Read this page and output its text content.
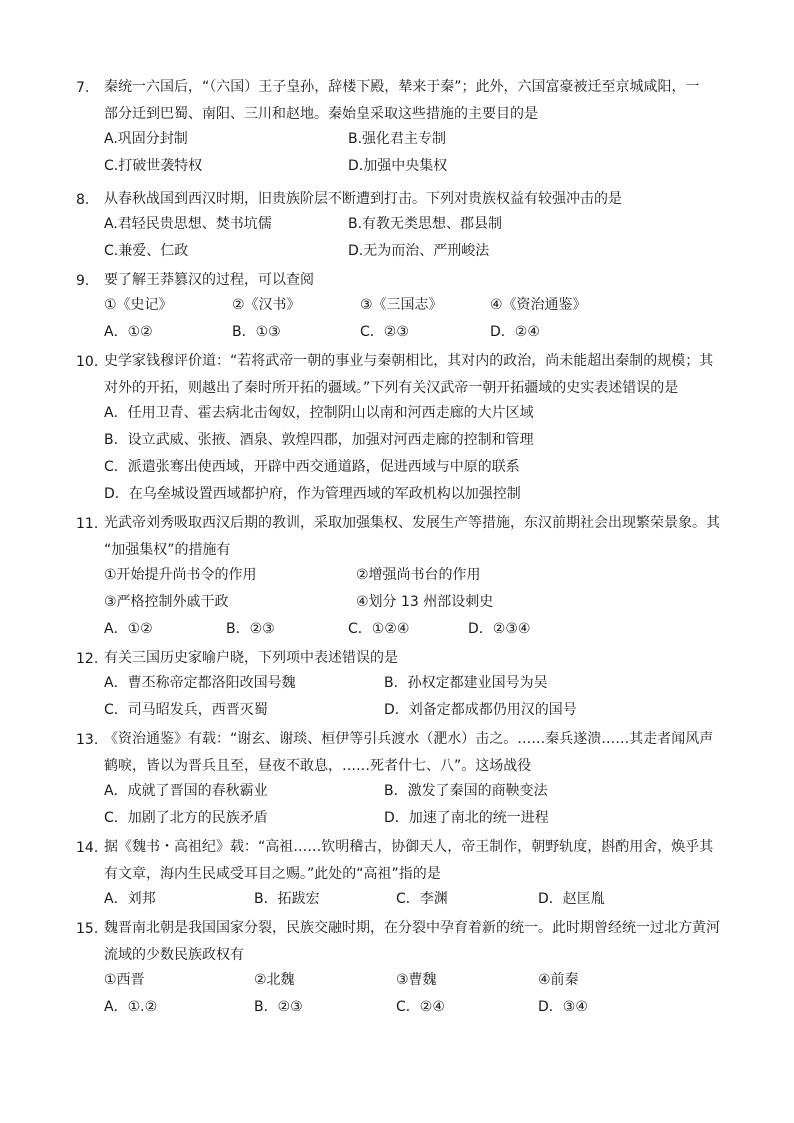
7.	秦统一六国后，“（六国）王子皇孙，辞楼下殿，辇来于秦”；此外，六国富豪被迁至京城咸阳，一
部分迁到巴蜀、南阳、三川和赵地。秦始皇采取这些措施的主要目的是
A.巩固分封制	B.强化君主专制
C.打破世袭特权	D.加强中央集权
8.	从春秋战国到西汉时期，旧贵族阶层不断遭到打击。下列对贵族权益有较强冲击的是
A.君轻民贵思想、焚书坑儒	B.有教无类思想、郡县制
C.兼爱、仁政	D.无为而治、严刑峻法
9.	要了解王莽篡汉的过程，可以查阅
①《史记》	②《汉书》	③《三国志》	④《资治通鉴》
A．①②	B．①③	C．②③	D．②④
10. 史学家钱穆评价道：“若将武帝一朝的事业与秦朝相比，其对内的政治，尚未能超出秦制的规模；其
对外的开拓，则越出了秦时所开拓的疆域。”下列有关汉武帝一朝开拓疆域的史实表述错误的是
A．任用卫青、霍去病北击匈奴，控制阴山以南和河西走廊的大片区域
B．设立武威、张掖、酒泉、敦煌四郡，加强对河西走廊的控制和管理
C．派遣张骞出使西域，开辟中西交通道路，促进西域与中原的联系
D．在乌垒城设置西域都护府，作为管理西域的军政机构以加强控制
11. 光武帝刘秀吸取西汉后期的教训，采取加强集权、发展生产等措施，东汉前期社会出现繁荣景象。其
“加强集权”的措施有
①开始提升尚书令的作用	②增强尚书台的作用
③严格控制外戚干政	④划分 13 州部设刺史
A．①②	B．②③	C．①②④	D．②③④
12. 有关三国历史家喻户晓，下列项中表述错误的是
A．曹丕称帝定都洛阳改国号魏	B．孙权定都建业国号为吴
C．司马昭发兵，西晋灭蜀	D．刘备定都成都仍用汉的国号
13. 《资治通鉴》有载：“谢玄、谢琰、桓伊等引兵渡水（淝水）击之。……秦兵遂溃……其走者闻风声
鹤唳，皆以为晋兵且至，昼夜不敢息，……死者什七、八”。这场战役
A．成就了晋国的春秋霸业	B．激发了秦国的商鞅变法
C．加剧了北方的民族矛盾	D．加速了南北的统一进程
14. 据《魏书・高祖纪》载：“高祖……钦明稽古，协御天人，帝王制作，朝野轨度，斟酌用舍，焕乎其
有文章，海内生民咸受耳目之赐。”此处的“高祖”指的是
A．刘邦	B．拓跋宏	C．李渊	D．赵匡胤
15. 魏晋南北朝是我国国家分裂，民族交融时期，在分裂中孕育着新的统一。此时期曾经统一过北方黄河
流域的少数民族政权有
①西晋	②北魏	③曹魏	④前秦
A．①.②	B．②③	C．②④	D．③④
